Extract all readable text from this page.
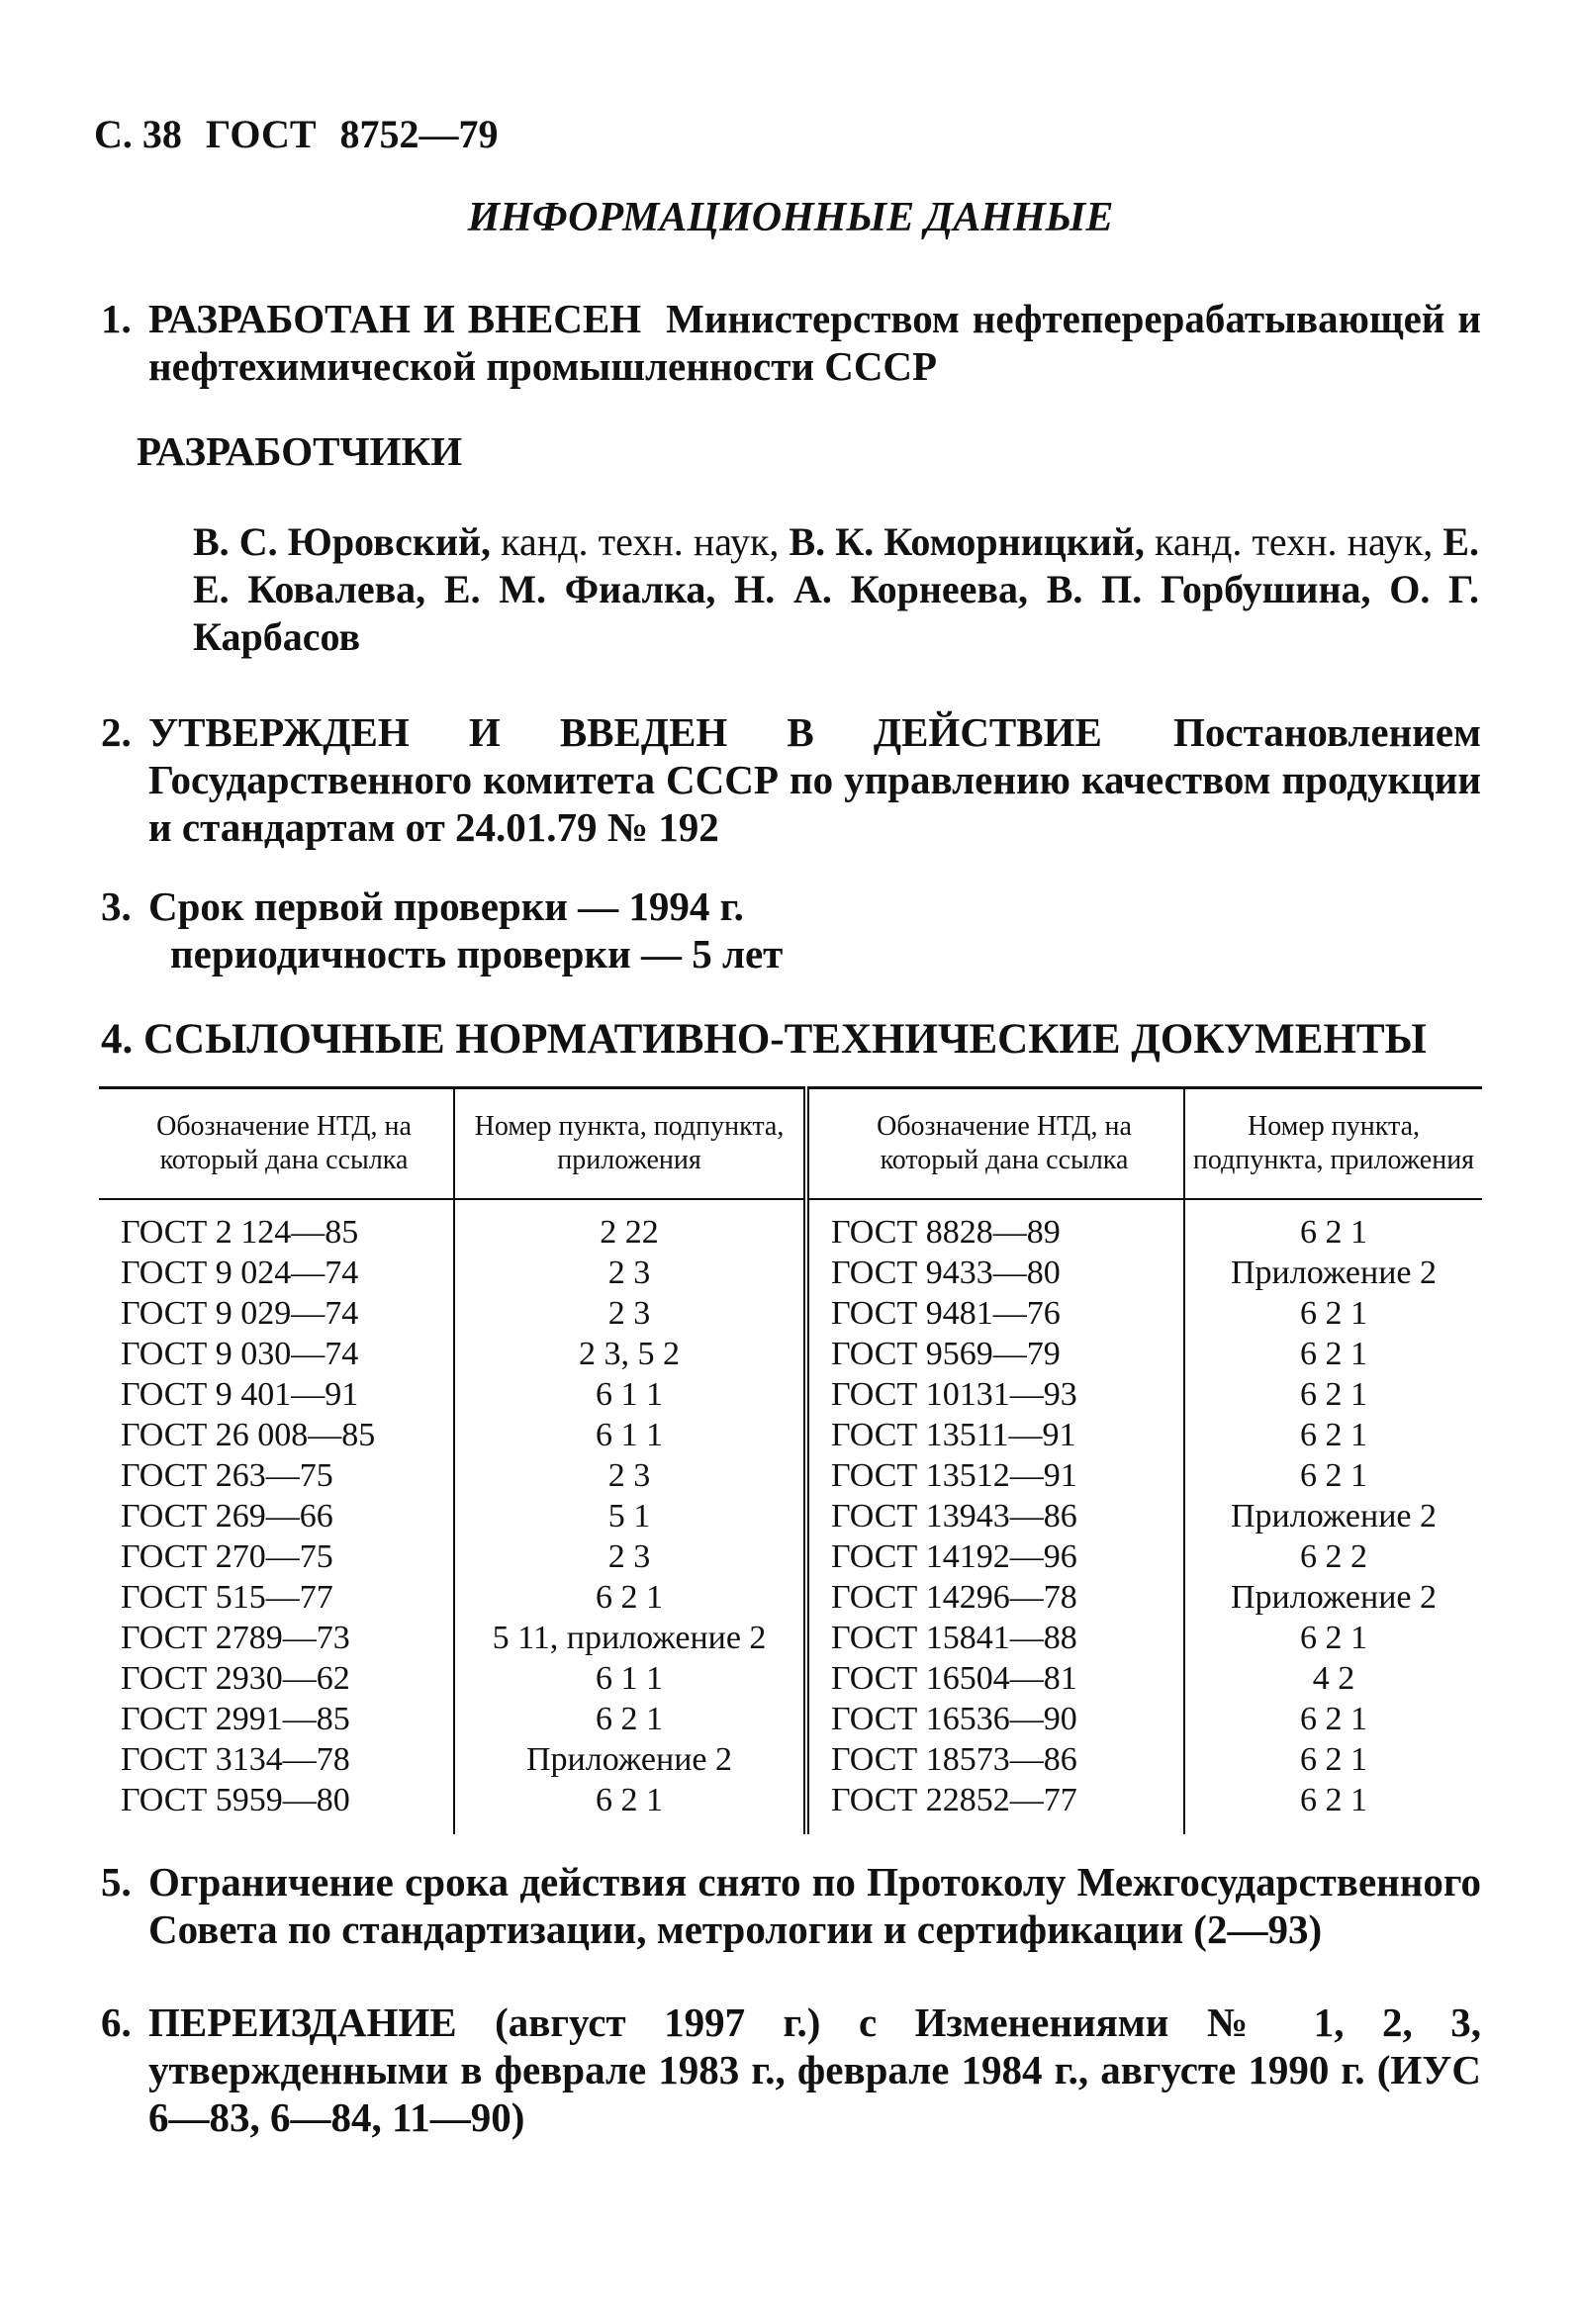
С. 38 ГОСТ 8752—79
ИНФОРМАЦИОННЫЕ ДАННЫЕ
1. РАЗРАБОТАН И ВНЕСЕН Министерством нефтеперерабатывающей и нефтехимической промышленности СССР
РАЗРАБОТЧИКИ
В. С. Юровский, канд. техн. наук, В. К. Коморницкий, канд. техн. наук, Е. Е. Ковалева, Е. М. Фиалка, Н. А. Корнеева, В. П. Горбушина, О. Г. Карбасов
2. УТВЕРЖДЕН И ВВЕДЕН В ДЕЙСТВИЕ Постановлением Государственного комитета СССР по управлению качеством продукции и стандартам от 24.01.79 № 192
3. Срок первой проверки — 1994 г.
периодичность проверки — 5 лет
4. ССЫЛОЧНЫЕ НОРМАТИВНО-ТЕХНИЧЕСКИЕ ДОКУМЕНТЫ
Обозначение НТД, на который дана ссылка	Номер пункта, подпункта, приложения	Обозначение НТД, на который дана ссылка	Номер пункта, подпункта, приложения
ГОСТ 2 124—85	2 22	ГОСТ 8828—89	6 2 1
ГОСТ 9 024—74	2 3	ГОСТ 9433—80	Приложение 2
ГОСТ 9 029—74	2 3	ГОСТ 9481—76	6 2 1
ГОСТ 9 030—74	2 3, 5 2	ГОСТ 9569—79	6 2 1
ГОСТ 9 401—91	6 1 1	ГОСТ 10131—93	6 2 1
ГОСТ 26 008—85	6 1 1	ГОСТ 13511—91	6 2 1
ГОСТ 263—75	2 3	ГОСТ 13512—91	6 2 1
ГОСТ 269—66	5 1	ГОСТ 13943—86	Приложение 2
ГОСТ 270—75	2 3	ГОСТ 14192—96	6 2 2
ГОСТ 515—77	6 2 1	ГОСТ 14296—78	Приложение 2
ГОСТ 2789—73	5 11, приложение 2	ГОСТ 15841—88	6 2 1
ГОСТ 2930—62	6 1 1	ГОСТ 16504—81	4 2
ГОСТ 2991—85	6 2 1	ГОСТ 16536—90	6 2 1
ГОСТ 3134—78	Приложение 2	ГОСТ 18573—86	6 2 1
ГОСТ 5959—80	6 2 1	ГОСТ 22852—77	6 2 1
5. Ограничение срока действия снято по Протоколу Межгосударственного Совета по стандартизации, метрологии и сертификации (2—93)
6. ПЕРЕИЗДАНИЕ (август 1997 г.) с Изменениями № 1, 2, 3, утвержденными в феврале 1983 г., феврале 1984 г., августе 1990 г. (ИУС 6—83, 6—84, 11—90)
